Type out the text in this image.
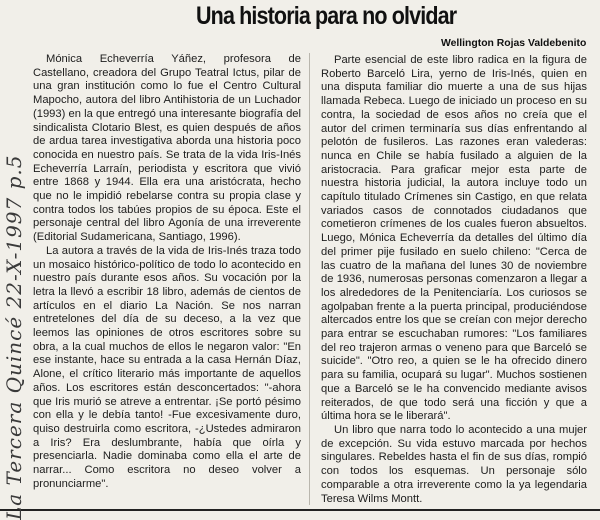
Una historia para no olvidar
Wellington Rojas Valdebenito

Mónica Echeverría Yáñez, profesora de Castellano, creadora del Grupo Teatral Ictus, pilar de una gran institución como lo fue el Centro Cultural Mapocho, autora del libro Antihistoria de un Luchador (1993) en la que entregó una interesante biografía del sindicalista Clotario Blest, es quien después de años de ardua tarea investigativa aborda una historia poco conocida en nuestro país. Se trata de la vida Iris-Inés Echeverría Larraín, periodista y escritora que vivió entre 1868 y 1944. Ella era una aristócrata, hecho que no le impidió rebelarse contra su propia clase y contra todos los tabúes propios de su época. Este el personaje central del libro Agonía de una irreverente (Editorial Sudamericana, Santiago, 1996).

La autora a través de la vida de Iris-Inés traza todo un mosaico histórico-político de todo lo acontecido en nuestro país durante esos años. Su vocación por la letra la llevó a escribir 18 libro, además de cientos de artículos en el diario La Nación. Se nos narran entretelones del día de su deceso, a la vez que leemos las opiniones de otros escritores sobre su obra, a la cual muchos de ellos le negaron valor: "En ese instante, hace su entrada a la casa Hernán Díaz, Alone, el crítico literario más importante de aquellos años. Los escritores están desconcertados: "-ahora que Iris murió se atreve a entrentar. ¡Se portó pésimo con ella y le debía tanto! -Fue excesivamente duro, quiso destruirla como escritora, -¿Ustedes admiraron a Iris? Era deslumbrante, había que oírla y presenciarla. Nadie dominaba como ella el arte de narrar... Como escritora no deseo volver a pronunciarme".

Parte esencial de este libro radica en la figura de Roberto Barceló Lira, yerno de Iris-Inés, quien en una disputa familiar dio muerte a una de sus hijas llamada Rebeca. Luego de iniciado un proceso en su contra, la sociedad de esos años no creía que el autor del crimen terminaría sus días enfrentando al pelotón de fusileros. Las razones eran valederas: nunca en Chile se había fusilado a alguien de la aristocracia. Para graficar mejor esta parte de nuestra historia judicial, la autora incluye todo un capítulo titulado Crímenes sin Castigo, en que relata variados casos de connotados ciudadanos que cometieron crímenes de los cuales fueron absueltos. Luego, Mónica Echeverría da detalles del último día del primer pije fusilado en suelo chileno: "Cerca de las cuatro de la mañana del lunes 30 de noviembre de 1936, numerosas personas comenzaron a llegar a los alrededores de la Penitenciaría. Los curiosos se agolpaban frente a la puerta principal, produciéndose altercados entre los que se creían con mejor derecho para entrar se escuchaban rumores: "Los familiares del reo trajeron armas o veneno para que Barceló se suicide". "Otro reo, a quien se le ha ofrecido dinero para su familia, ocupará su lugar". Muchos sostienen que a Barceló se le ha convencido mediante avisos reiterados, de que todo será una ficción y que a última hora se le liberará".

Un libro que narra todo lo acontecido a una mujer de excepción. Su vida estuvo marcada por hechos singulares. Rebeldes hasta el fin de sus días, rompió con todos los esquemas. Un personaje sólo comparable a otra irreverente como la ya legendaria Teresa Wilms Montt.

La Tercera Quincé 22-X-1997 p.5
